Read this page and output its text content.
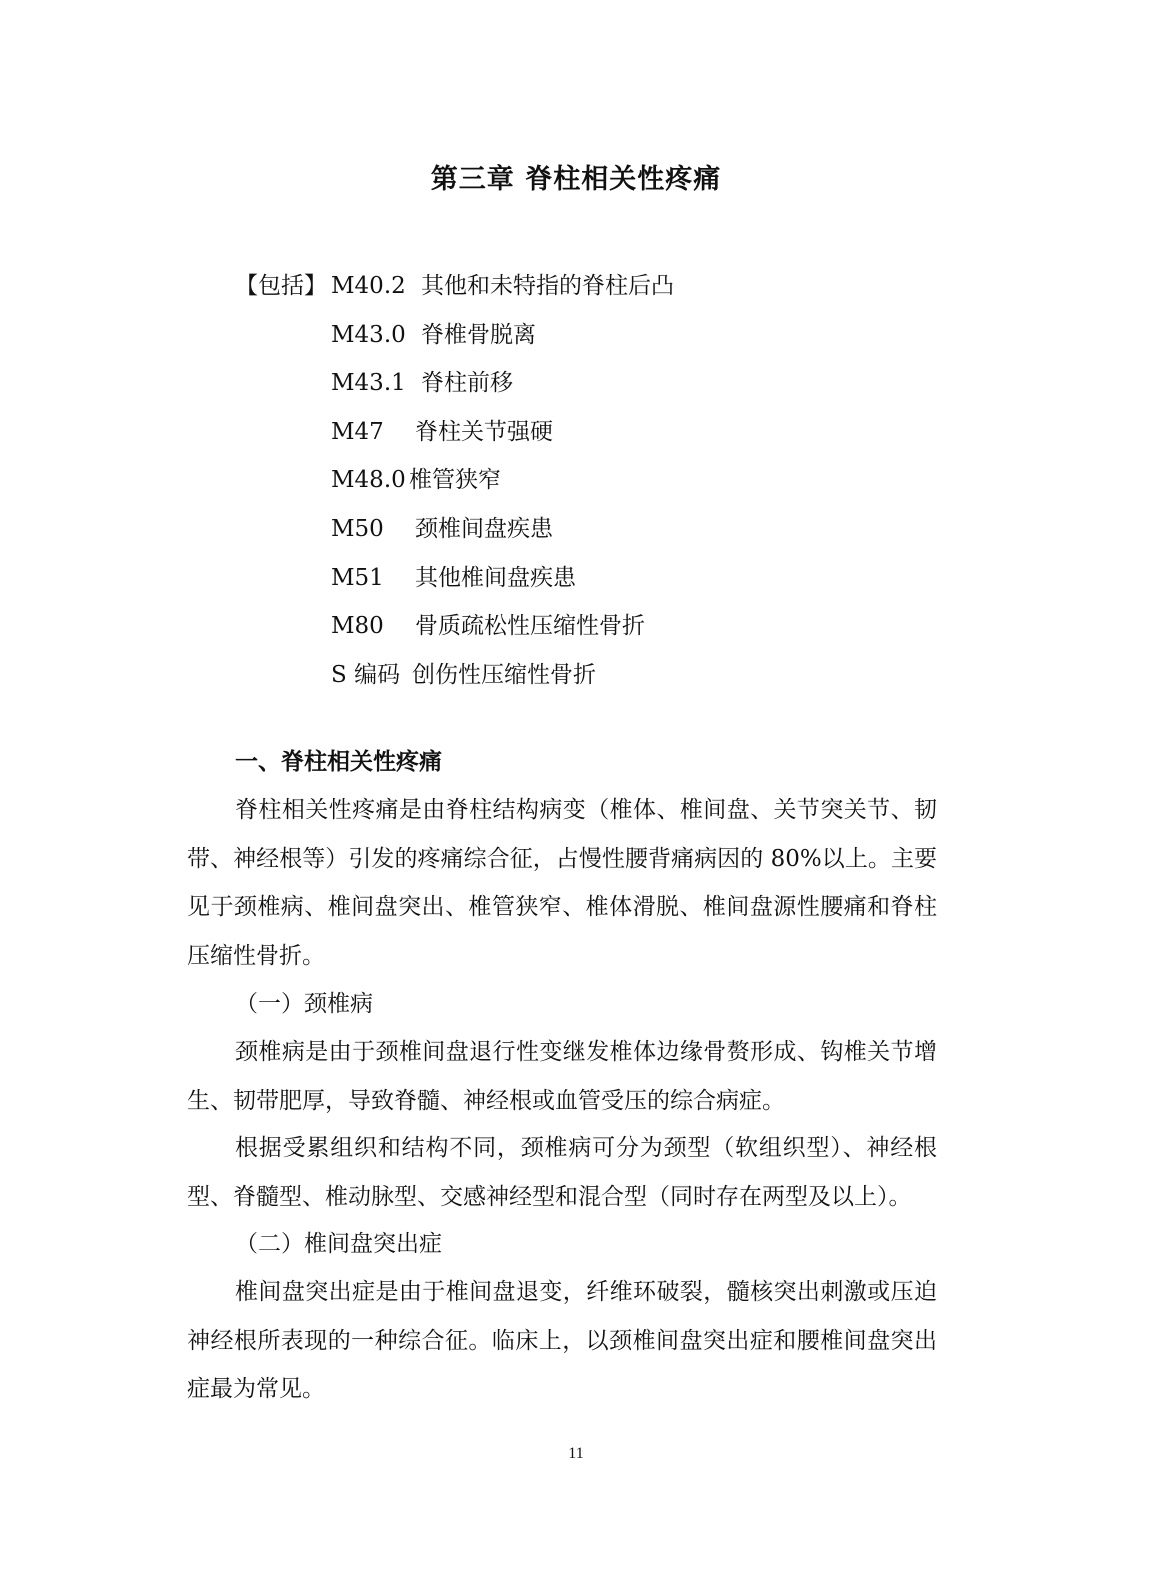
第三章 脊柱相关性疼痛
【包括】 M40.2 其他和未特指的脊柱后凸
M43.0 脊椎骨脱离
M43.1 脊柱前移
M47 脊柱关节强硬
M48.0 椎管狭窄
M50 颈椎间盘疾患
M51 其他椎间盘疾患
M80 骨质疏松性压缩性骨折
S 编码 创伤性压缩性骨折
一、脊柱相关性疼痛

脊柱相关性疼痛是由脊柱结构病变（椎体、椎间盘、关节突关节、韧带、神经根等）引发的疼痛综合征，占慢性腰背痛病因的 80%以上。主要见于颈椎病、椎间盘突出、椎管狭窄、椎体滑脱、椎间盘源性腰痛和脊柱压缩性骨折。

（一）颈椎病

颈椎病是由于颈椎间盘退行性变继发椎体边缘骨赘形成、钩椎关节增生、韧带肥厚，导致脊髓、神经根或血管受压的综合病症。

根据受累组织和结构不同，颈椎病可分为颈型（软组织型）、神经根型、脊髓型、椎动脉型、交感神经型和混合型（同时存在两型及以上）。

（二）椎间盘突出症

椎间盘突出症是由于椎间盘退变，纤维环破裂，髓核突出刺激或压迫神经根所表现的一种综合征。临床上，以颈椎间盘突出症和腰椎间盘突出症最为常见。

11
